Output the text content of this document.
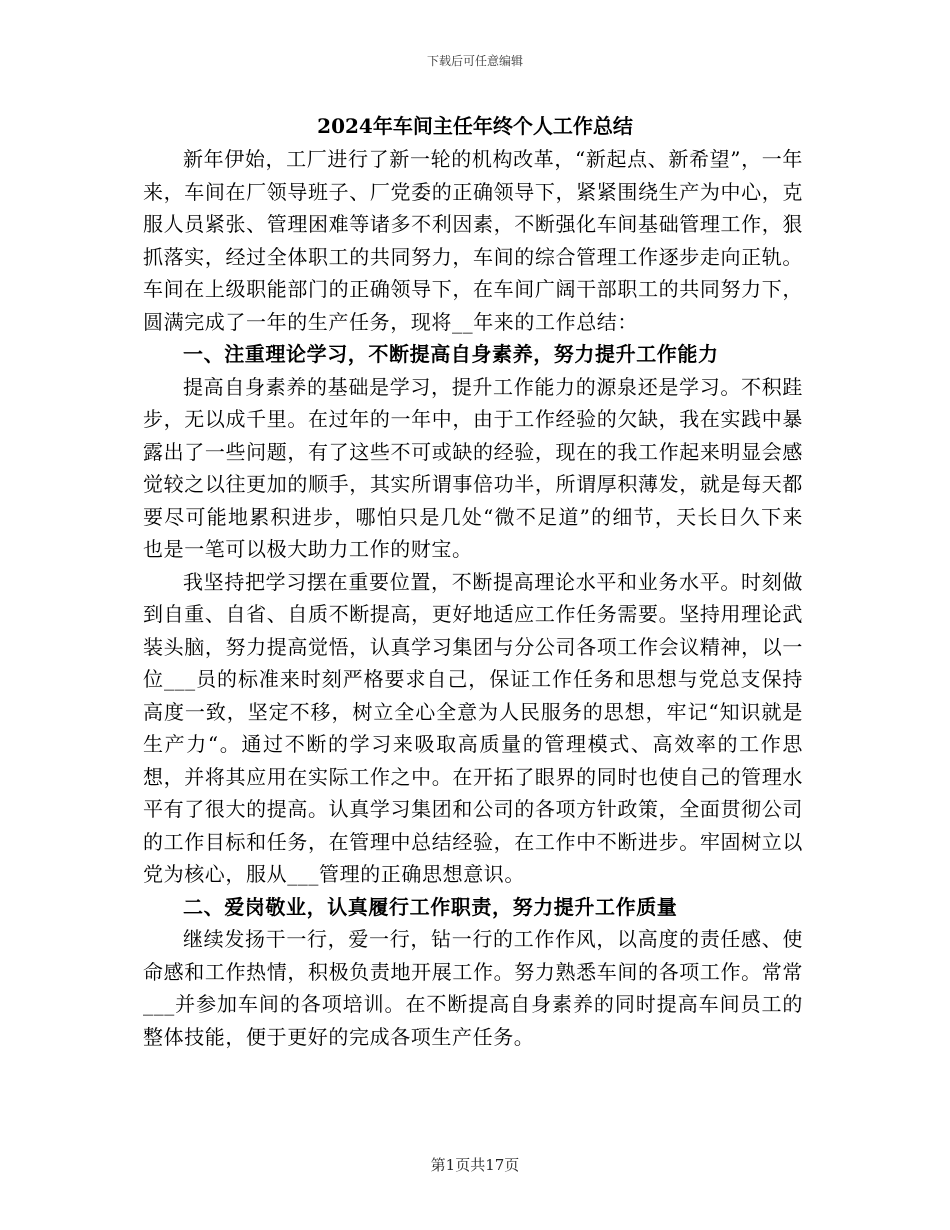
下载后可任意编辑
2024年车间主任年终个人工作总结

新年伊始，工厂进行了新一轮的机构改革，“新起点、新希望”，一年来，车间在厂领导班子、厂党委的正确领导下，紧紧围绕生产为中心，克服人员紧张、管理困难等诸多不利因素，不断强化车间基础管理工作，狠抓落实，经过全体职工的共同努力，车间的综合管理工作逐步走向正轨。车间在上级职能部门的正确领导下，在车间广阔干部职工的共同努力下，圆满完成了一年的生产任务，现将__年来的工作总结：

一、注重理论学习，不断提高自身素养，努力提升工作能力

提高自身素养的基础是学习，提升工作能力的源泉还是学习。不积跬步，无以成千里。在过年的一年中，由于工作经验的欠缺，我在实践中暴露出了一些问题，有了这些不可或缺的经验，现在的我工作起来明显会感觉较之以往更加的顺手，其实所谓事倍功半，所谓厚积薄发，就是每天都要尽可能地累积进步，哪怕只是几处“微不足道”的细节，天长日久下来也是一笔可以极大助力工作的财宝。

我坚持把学习摆在重要位置，不断提高理论水平和业务水平。时刻做到自重、自省、自质不断提高，更好地适应工作任务需要。坚持用理论武装头脑，努力提高觉悟，认真学习集团与分公司各项工作会议精神，以一位___员的标准来时刻严格要求自己，保证工作任务和思想与党总支保持高度一致，坚定不移，树立全心全意为人民服务的思想，牢记“知识就是生产力“。通过不断的学习来吸取高质量的管理模式、高效率的工作思想，并将其应用在实际工作之中。在开拓了眼界的同时也使自己的管理水平有了很大的提高。认真学习集团和公司的各项方针政策，全面贯彻公司的工作目标和任务，在管理中总结经验，在工作中不断进步。牢固树立以党为核心，服从___管理的正确思想意识。

二、爱岗敬业，认真履行工作职责，努力提升工作质量

继续发扬干一行，爱一行，钻一行的工作作风，以高度的责任感、使命感和工作热情，积极负责地开展工作。努力熟悉车间的各项工作。常常___并参加车间的各项培训。在不断提高自身素养的同时提高车间员工的整体技能，便于更好的完成各项生产任务。

第1页共17页
